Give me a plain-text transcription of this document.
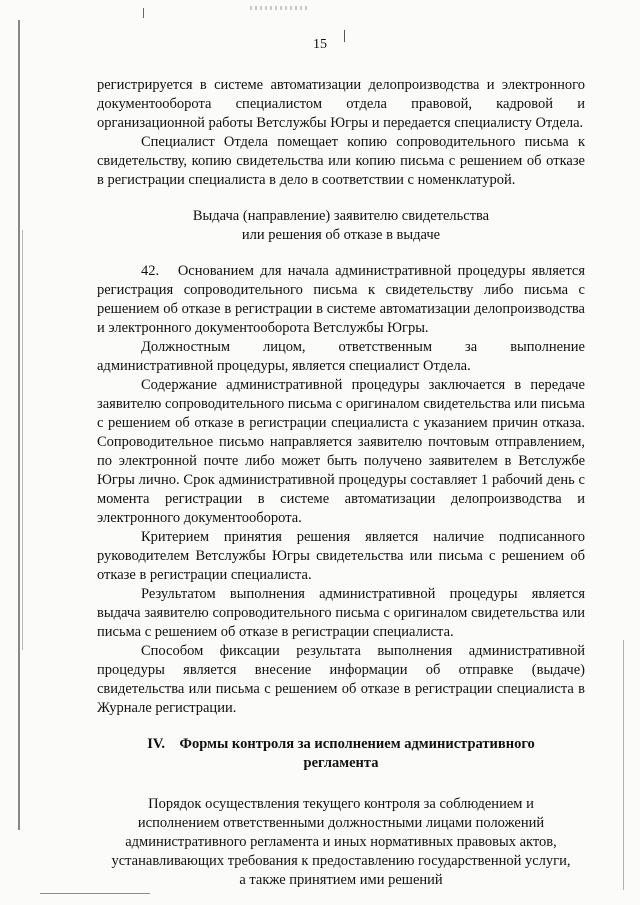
15

регистрируется в системе автоматизации делопроизводства и электронного документооборота специалистом отдела правовой, кадровой и организационной работы Ветслужбы Югры и передается специалисту Отдела.

Специалист Отдела помещает копию сопроводительного письма к свидетельству, копию свидетельства или копию письма с решением об отказе в регистрации специалиста в дело в соответствии с номенклатурой.

Выдача (направление) заявителю свидетельства
или решения об отказе в выдаче

42.   Основанием для начала административной процедуры является регистрация сопроводительного письма к свидетельству либо письма с решением об отказе в регистрации в системе автоматизации делопроизводства и электронного документооборота Ветслужбы Югры.

Должностным лицом, ответственным за выполнение административной процедуры, является специалист Отдела.

Содержание административной процедуры заключается в передаче заявителю сопроводительного письма с оригиналом свидетельства или письма с решением об отказе в регистрации специалиста с указанием причин отказа. Сопроводительное письмо направляется заявителю почтовым отправлением, по электронной почте либо может быть получено заявителем в Ветслужбе Югры лично. Срок административной процедуры составляет 1 рабочий день с момента регистрации в системе автоматизации делопроизводства и электронного документооборота.

Критерием принятия решения является наличие подписанного руководителем Ветслужбы Югры свидетельства или письма с решением об отказе в регистрации специалиста.

Результатом выполнения административной процедуры является выдача заявителю сопроводительного письма с оригиналом свидетельства или письма с решением об отказе в регистрации специалиста.

Способом фиксации результата выполнения административной процедуры является внесение информации об отправке (выдаче) свидетельства или письма с решением об отказе в регистрации специалиста в Журнале регистрации.

IV.    Формы контроля за исполнением административного
регламента
Порядок осуществления текущего контроля за соблюдением и
исполнением ответственными должностными лицами положений
административного регламента и иных нормативных правовых актов,
устанавливающих требования к предоставлению государственной услуги,
а также принятием ими решений
